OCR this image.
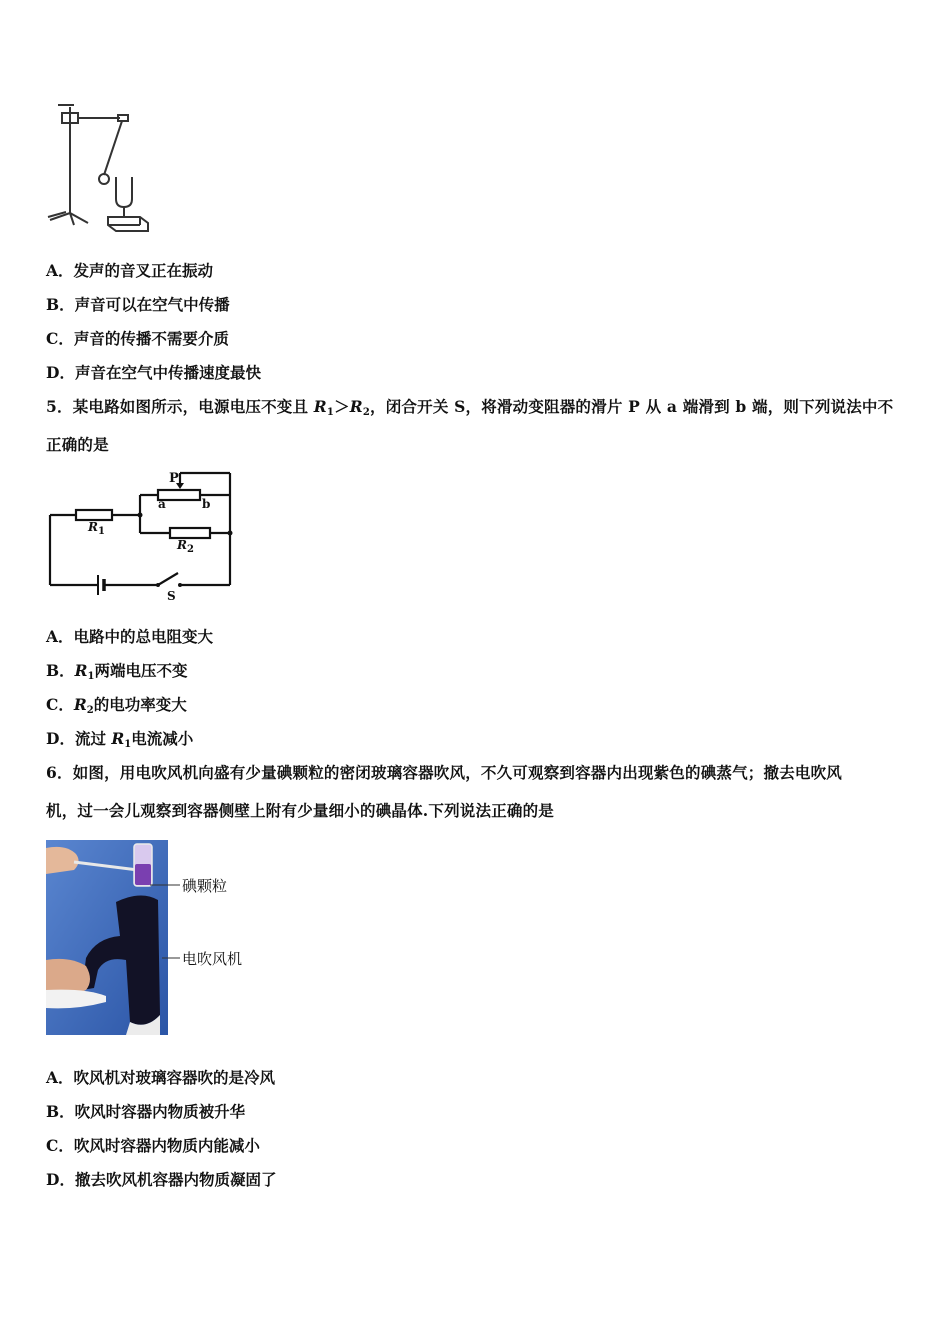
A．发声的音叉正在振动
B．声音可以在空气中传播
C．声音的传播不需要介质
D．声音在空气中传播速度最快
5．某电路如图所示，电源电压不变且 $R_1>R_2$，闭合开关 S，将滑动变阻器的滑片 P 从 a 端滑到 b 端，则下列说法中不
正确的是
P
a	b
$R_1$
$R_2$
S
A．电路中的总电阻变大
B．$R_1$两端电压不变
C．$R_2$的电功率变大
D．流过 $R_1$电流减小
6．如图，用电吹风机向盛有少量碘颗粒的密闭玻璃容器吹风，不久可观察到容器内出现紫色的碘蒸气；撤去电吹风
机，过一会儿观察到容器侧壁上附有少量细小的碘晶体.下列说法正确的是
碘颗粒
电吹风机
A．吹风机对玻璃容器吹的是冷风
B．吹风时容器内物质被升华
C．吹风时容器内物质内能减小
D．撤去吹风机容器内物质凝固了
